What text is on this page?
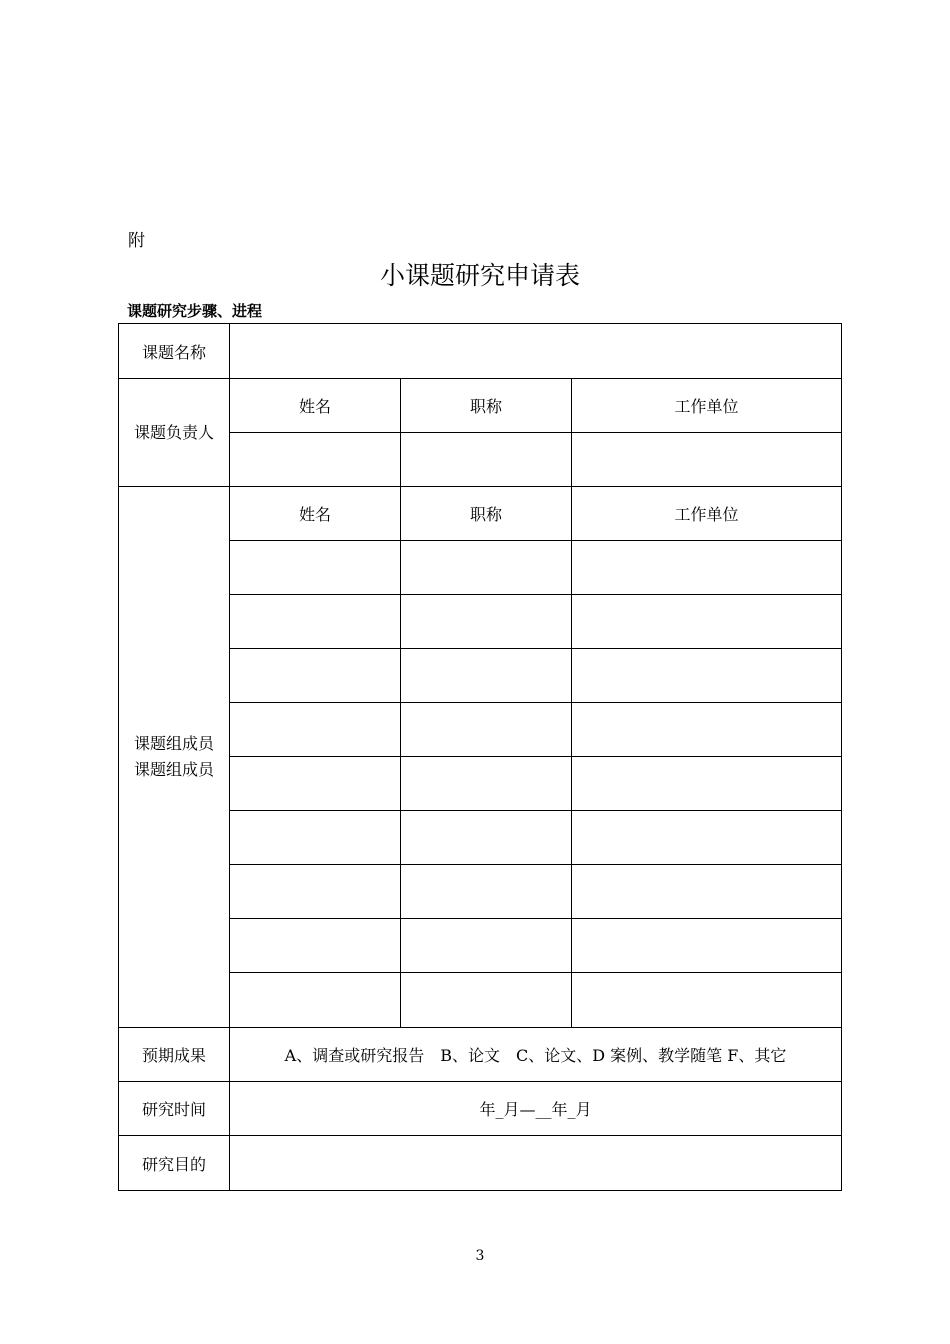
附
小课题研究申请表
课题研究步骤、进程
课题名称			
课题负责人	姓名	职称	工作单位

课题组成员
课题组成员	姓名	职称	工作单位

预期成果	A、调查或研究报告　B、论文　C、论文、D 案例、教学随笔 F、其它		
研究时间	年_月—__年_月		
研究目的			
3
